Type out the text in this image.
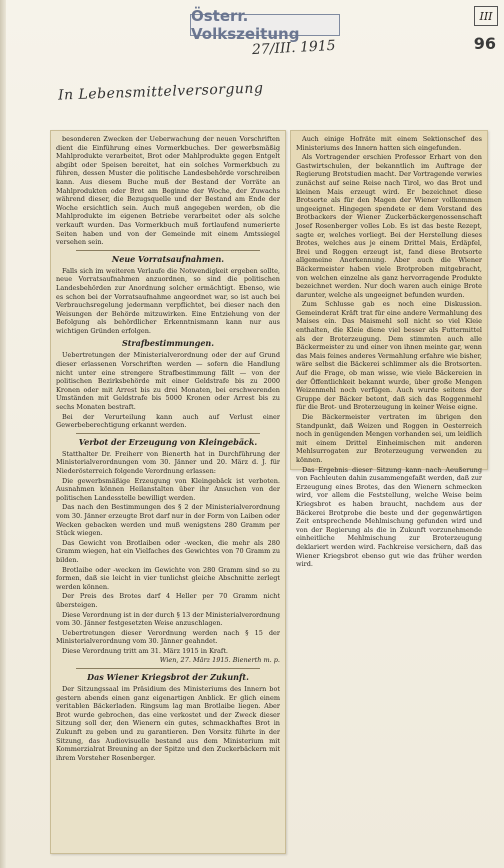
Österr. Volkszeitung
III
96
27/III. 1915
In Lebensmittelversorgung

besonderen Zwecken der Ueberwachung der neuen Vorschriften dient die Einführung eines Vormerkbuches. Der gewerbsmäßig Mahlprodukte verarbeitet, Brot oder Mahlprodukte gegen Entgelt abgibt oder Speisen bereitet, hat ein solches Vormerkbuch zu führen, dessen Muster die politische Landesbehörde vorschreiben kann. Aus diesem Buche muß der Bestand der Vorräte an Mahlprodukten oder Brot am Beginne der Woche, der Zuwachs während dieser, die Bezugsquelle und der Bestand am Ende der Woche ersichtlich sein. Auch muß angegeben werden, ob die Mahlprodukte im eigenen Betriebe verarbeitet oder als solche verkauft wurden. Das Vormerkbuch muß fortlaufend numerierte Seiten haben und von der Gemeinde mit einem Amtssiegel versehen sein.

Neue Vorratsaufnahmen.

Falls sich im weiteren Verlaufe die Notwendigkeit ergeben sollte, neue Vorratsaufnahmen anzuordnen, so sind die politischen Landesbehörden zur Anordnung solcher ermächtigt. Ebenso, wie es schon bei der Vorratsaufnahme angeordnet war, so ist auch bei Verbrauchsregelung jedermann verpflichtet, bei dieser nach den Weisungen der Behörde mitzuwirken. Eine Entziehung von der Befolgung als behördlicher Erkenntnismann kann nur aus wichtigen Gründen erfolgen.

Strafbestimmungen.

Uebertretungen der Ministerialverordnung oder der auf Grund dieser erlassenen Vorschriften werden — sofern die Handlung nicht unter eine strengere Strafbestimmung fällt — von der politischen Bezirksbehörde mit einer Geldstrafe bis zu 2000 Kronen oder mit Arrest bis zu drei Monaten, bei erschwerenden Umständen mit Geldstrafe bis 5000 Kronen oder Arrest bis zu sechs Monaten bestraft.

Bei der Verurteilung kann auch auf Verlust einer Gewerbeberechtigung erkannt werden.

Verbot der Erzeugung von Kleingebäck.

Statthalter Dr. Freiherr von Bienerth hat in Durchführung der Ministerialverordnungen vom 30. Jänner und 20. März d. J. für Niederösterreich folgende Verordnung erlassen:

Die gewerbsmäßige Erzeugung von Kleingebäck ist verboten. Ausnahmen können Heilanstalten über ihr Ansuchen von der politischen Landesstelle bewilligt werden.

Das nach den Bestimmungen des § 2 der Ministerialverordnung vom 30. Jänner erzeugte Brot darf nur in der Form von Laiben oder Wecken gebacken werden und muß wenigstens 280 Gramm per Stück wiegen.

Das Gewicht von Brotlaiben oder -wecken, die mehr als 280 Gramm wiegen, hat ein Vielfaches des Gewichtes von 70 Gramm zu bilden.

Brotlaibe oder -wecken im Gewichte von 280 Gramm sind so zu formen, daß sie leicht in vier tunlichst gleiche Abschnitte zerlegt werden können.

Der Preis des Brotes darf 4 Heller per 70 Gramm nicht übersteigen.

Diese Verordnung ist in der durch § 13 der Ministerialverordnung vom 30. Jänner festgesetzten Weise anzuschlagen.

Uebertretungen dieser Verordnung werden nach § 15 der Ministerialverordnung vom 30. Jänner geahndet.

Diese Verordnung tritt am 31. März 1915 in Kraft.

Wien, 27. März 1915. Bienerth m. p.

Das Wiener Kriegsbrot der Zukunft.

Der Sitzungssaal im Präsidium des Ministeriums des Innern bot gestern abends einen ganz eigenartigen Anblick. Er glich einem veritablen Bäckerladen. Ringsum lag man Brotlaibe liegen. Aber Brot wurde gebrochen, das eine verkostet und der Zweck dieser Sitzung soll der, den Wienern ein gutes, schmackhaftes Brot in Zukunft zu geben und zu garantieren. Den Vorsitz führte in der Sitzung, das Audiovisuelle bestand aus dem Ministerium mit Kommerzialrat Breuning an der Spitze und den Zuckerbäckern mit ihrem Vorsteher Rosenberger.

Auch einige Hofräte mit einem Sektionschef des Ministeriums des Innern hatten sich eingefunden.

Als Vortragender erschien Professor Erhart von den Gastwirtschulen, der bekanntlich im Auftrage der Regierung Brotstudien macht. Der Vortragende verwies zunächst auf seine Reise nach Tirol, wo das Brot und kleinen Mais erzeugt wird. Er bezeichnet diese Brotsorte als für den Magen der Wiener vollkommen ungeeignet. Hingegen spendete er dem Vorstand des Brotbackers der Wiener Zuckerbäckergenossenschaft Josef Rosenberger volles Lob. Es ist das beste Rezept, sagte er, welches vorliegt. Bei der Herstellung dieses Brotes, welches aus je einem Drittel Mais, Erdäpfel, Brei und Roggen erzeugt ist, fand diese Brotsorte allgemeine Anerkennung. Aber auch die Wiener Bäckermeister haben viele Brotproben mitgebracht, von welchen einzelne als ganz hervorragende Produkte bezeichnet werden. Nur doch waren auch einige Brote darunter, welche als ungeeignet befunden wurden.

Zum Schlusse gab es noch eine Diskussion. Gemeinderat Kräft trat für eine andere Vermahlung des Maises ein. Das Maismehl soll nicht so viel Kleie enthalten, die Kleie diene viel besser als Futtermittel als der Broterzeugung. Dem stimmten auch alle Bäckermeister zu und einer von ihnen meinte gar, wenn das Mais feines anderes Vermahlung erfahre wie bisher, wäre selbst die Bäckerei schlimmer als die Brotsorten. Auf die Frage, ob man wisse, wie viele Bäckereien in der Öffentlichkeit bekannt wurde, über große Mengen Weizenmehl noch verfügen. Auch wurde seitens der Gruppe der Bäcker betont, daß sich das Roggenmehl für die Brot- und Broterzeugung in keiner Weise eigne.

Die Bäckermeister vertraten im übrigen den Standpunkt, daß Weizen und Roggen in Oesterreich noch in genügenden Mengen vorhanden sei, um leidlich mit einem Drittel Einheimischen mit anderen Mehlsurrogaten zur Broterzeugung verwenden zu können.

Das Ergebnis dieser Sitzung kann nach Aeußerung von Fachleuten dahin zusammengefaßt werden, daß zur Erzeugung eines Brotes, das den Wienern schmecken wird, vor allem die Feststellung, welche Weise beim Kriegsbrot es haben braucht, nachdem aus der Bäckerei Brotprobe die beste und der gegenwärtigen Zeit entsprechende Mehlmischung gefunden wird und von der Regierung als die in Zukunft vorzunehmende einheitliche Mehlmischung zur Broterzeugung deklariert werden wird. Fachkreise versichern, daß das Wiener Kriegsbrot ebenso gut wie das früher werden wird.
